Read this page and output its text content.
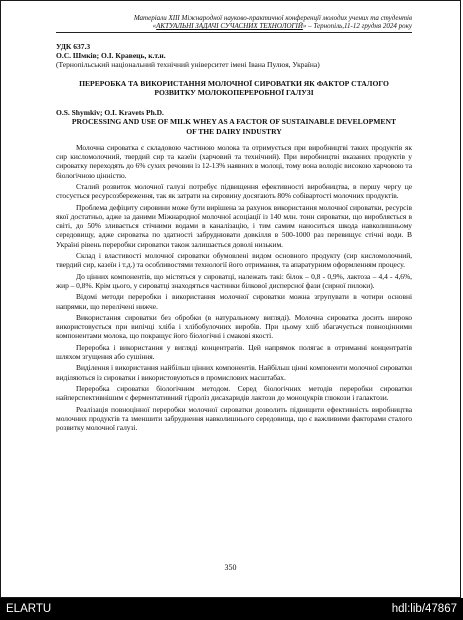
Матеріали XIII Міжнародної науково-практичної конференції молодих учених та студентів
«АКТУАЛЬНІ ЗАДАЧІ СУЧАСНИХ ТЕХНОЛОГІЙ» – Тернопіль,11-12 грудня 2024 року

УДК 637.3

О.С. Шмків; О.І. Кравець, к.т.н.

(Тернопільський національний технічний університет імені Івана Пулюя, Україна)

ПЕРЕРОБКА ТА ВИКОРИСТАННЯ МОЛОЧНОЇ СИРОВАТКИ ЯК ФАКТОР СТАЛОГО РОЗВИТКУ МОЛОКОПЕРЕРОБНОЇ ГАЛУЗІ

O.S. Shymkiv; O.I. Kravets Ph.D.

PROCESSING AND USE OF MILK WHEY AS A FACTOR OF SUSTAINABLE DEVELOPMENT OF THE DAIRY INDUSTRY

Молочна сироватка є складовою частиною молока та отримується при виробництві таких продуктів як сир кисломолочний, твердий сир та казеїн (харчовий та технічний). При виробництві вказаних продуктів у сироватку переходять до 6% сухих речовин із 12-13% наявних в молоці, тому вона володіє високою харчовою та біологічною цінністю.

Сталий розвиток молочної галузі потребує підвищення ефективності виробництва, в першу чергу це стосується ресурсозбереження, так як затрати на сировину досягають 80% собівартості молочних продуктів.

Проблема дефіциту сировини може бути вирішена за рахунок використання молочної сироватки, ресурсів якої достатньо, адже за даними Міжнародної молочної асоціації із 140 млн. тонн сироватки, що виробляється в світі, до 50% зливається стічними водами в каналізацію, і тим самим наноситься шкода навколишньому середовищу, адже сироватка по здатності забруднювати довкілля в 500-1000 раз перевищує стічні води. В Україні рівень переробки сироватки також залишається доволі низьким.

Склад і властивості молочної сироватки обумовлені видом основного продукту (сир кисломолочний, твердий сир, казеїн і т.д.) та особливостями технології його отримання, та апаратурним оформленням процесу.

До цінних компонентів, що містяться у сироватці, належать такі: білок – 0,8 - 0,9%, лактоза – 4,4 - 4,6%, жир – 0,8%. Крім цього, у сироватці знаходяться частинки білкової дисперсної фази (сирної пилоки).

Відомі методи переробки і використання молочної сироватки можна згрупувати в чотири основні напрямки, що перелічені нижче.

Використання сироватки без обробки (в натуральному вигляді). Молочна сироватка досить широко використовується при випічці хліба і хлібобулочних виробів. При цьому хліб збагачується повноцінними компонентами молока, що покращує його біологічні і смакові якості.

Переробка і використання у вигляді концентратів. Цей напрямок полягає в отриманні концентратів шляхом згущення або сушіння.

Виділення і використання найбільш цінних компонентів. Найбільш цінні компоненти молочної сироватки виділяються із сироватки і використовуються в промислових масштабах.

Переробка сироватки біологічним методом. Серед біологічних методів переробки сироватки найперспективнішим є ферментативний гідроліз дисахаридів лактози до моноцукрів глюкози і галактози.

Реалізація повноцінної переробки молочної сироватки дозволить підвищити ефективність виробництва молочних продуктів та зменшити забруднення навколишнього середовища, що є важливими факторами сталого розвитку молочної галузі.

350
ELARTU	hdl:lib/47867
